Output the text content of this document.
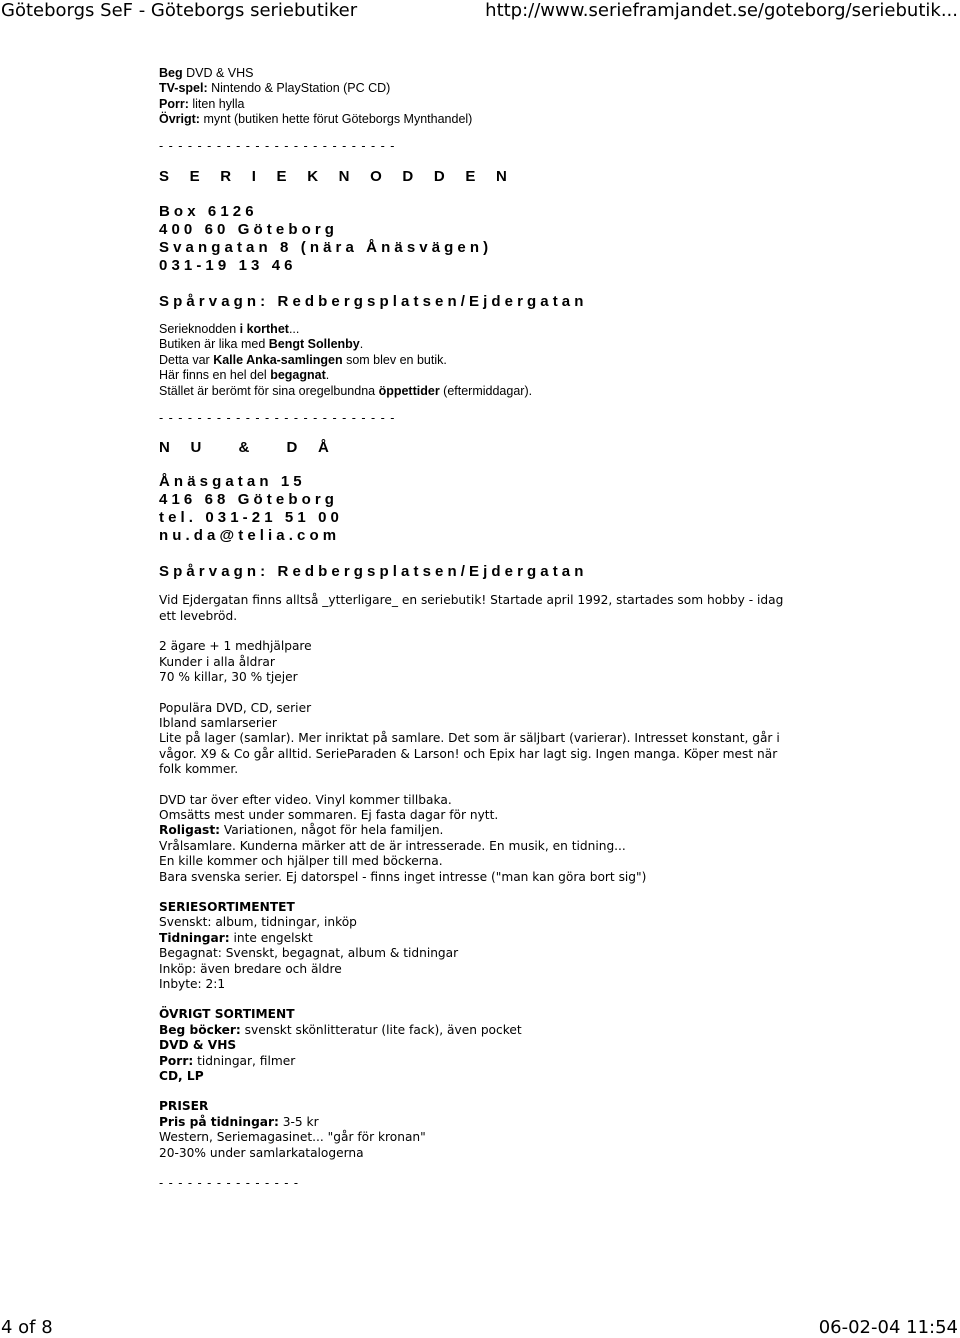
Göteborgs SeF - Göteborgs seriebutiker	http://www.serieframjandet.se/goteborg/seriebutik...
Beg DVD & VHS
TV-spel: Nintendo & PlayStation (PC CD)
Porr: liten hylla
Övrigt: mynt (butiken hette förut Göteborgs Mynthandel)
- - - - - - - - - - - - - - - - - - - - - - - - -
S  E  R  I  E  K  N  O  D  D  E  N
Box 6126
400 60 Göteborg
Svangatan 8 (nära Ånäsvägen)
031-19 13 46
Spårvagn: Redbergsplatsen/Ejdergatan
Serieknodden i korthet...
Butiken är lika med Bengt Sollenby.
Detta var Kalle Anka-samlingen som blev en butik.
Här finns en hel del begagnat.
Stället är berömt för sina oregelbundna öppettider (eftermiddagar).
- - - - - - - - - - - - - - - - - - - - - - - - -
N  U    &    D  Å
Ånäsgatan 15
416 68 Göteborg
tel. 031-21 51 00
nu.da@telia.com
Spårvagn: Redbergsplatsen/Ejdergatan
Vid Ejdergatan finns alltså _ytterligare_ en seriebutik! Startade april 1992, startades som hobby - idag ett levebröd.
2 ägare + 1 medhjälpare
Kunder i alla åldrar
70 % killar, 30 % tjejer
Populära DVD, CD, serier
Ibland samlarserier
Lite på lager (samlar). Mer inriktat på samlare. Det som är säljbart (varierar). Intresset konstant, går i vågor. X9 & Co går alltid. SerieParaden & Larson! och Epix har lagt sig. Ingen manga. Köper mest när folk kommer.
DVD tar över efter video. Vinyl kommer tillbaka.
Omsätts mest under sommaren. Ej fasta dagar för nytt.
Roligast: Variationen, något för hela familjen.
Vrålsamlare. Kunderna märker att de är intresserade. En musik, en tidning...
En kille kommer och hjälper till med böckerna.
Bara svenska serier. Ej datorspel - finns inget intresse ("man kan göra bort sig")
SERIESORTIMENTET
Svenskt: album, tidningar, inköp
Tidningar: inte engelskt
Begagnat: Svenskt, begagnat, album & tidningar
Inköp: även bredare och äldre
Inbyte: 2:1
ÖVRIGT SORTIMENT
Beg böcker: svenskt skönlitteratur (lite fack), även pocket
DVD & VHS
Porr: tidningar, filmer
CD, LP
PRISER
Pris på tidningar: 3-5 kr
Western, Seriemagasinet... "går för kronan"
20-30% under samlarkatalogerna
- - - - - - - - - - - - - - -
4 of 8	06-02-04 11:54
